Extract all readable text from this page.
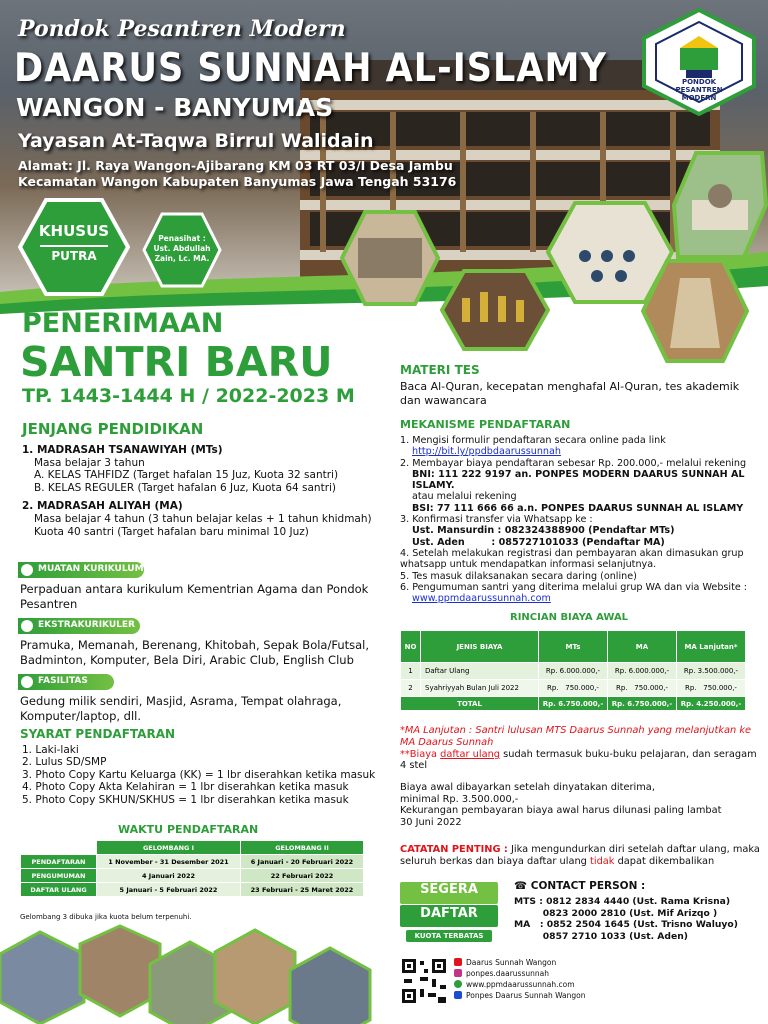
Pondok Pesantren Modern
DAARUS SUNNAH AL-ISLAMY
WANGON - BANYUMAS
Yayasan At-Taqwa Birrul Walidain
Alamat: Jl. Raya Wangon-Ajibarang KM 03 RT 03/I Desa Jambu
Kecamatan Wangon Kabupaten Banyumas Jawa Tengah 53176
PONDOK PESANTREN MODERN
KHUSUS
PUTRA
Penasihat :
Ust. Abdullah
Zain, Lc. MA.
PENERIMAAN
SANTRI BARU
TP. 1443-1444 H / 2022-2023 M
JENJANG PENDIDIKAN
1. MADRASAH TSANAWIYAH (MTs)
Masa belajar 3 tahun
A. KELAS TAHFIDZ (Target hafalan 15 Juz, Kuota 32 santri)
B. KELAS REGULER (Target hafalan 6 Juz, Kuota 64 santri)
2. MADRASAH ALIYAH (MA)
Masa belajar 4 tahun (3 tahun belajar kelas + 1 tahun khidmah)
Kuota 40 santri (Target hafalan baru minimal 10 Juz)
MUATAN KURIKULUM
Perpaduan antara kurikulum Kementrian Agama dan Pondok Pesantren
EKSTRAKURIKULER
Pramuka, Memanah, Berenang, Khitobah, Sepak Bola/Futsal, Badminton, Komputer, Bela Diri, Arabic Club, English Club
FASILITAS
Gedung milik sendiri, Masjid, Asrama, Tempat olahraga, Komputer/laptop, dll.
SYARAT PENDAFTARAN
1. Laki-laki
2. Lulus SD/SMP
3. Photo Copy Kartu Keluarga (KK) = 1 lbr diserahkan ketika masuk
4. Photo Copy Akta Kelahiran = 1 lbr diserahkan ketika masuk
5. Photo Copy SKHUN/SKHUS = 1 lbr diserahkan ketika masuk
WAKTU PENDAFTARAN
	GELOMBANG I	GELOMBANG II
PENDAFTARAN	1 November - 31 Desember 2021	6 Januari - 20 Februari 2022
PENGUMUMAN	4 Januari 2022	22 Februari 2022
DAFTAR ULANG	5 Januari - 5 Februari 2022	23 Februari - 25 Maret 2022
Gelombang 3 dibuka jika kuota belum terpenuhi.
MATERI TES
Baca Al-Quran, kecepatan menghafal Al-Quran, tes akademik dan wawancara
MEKANISME PENDAFTARAN
1. Mengisi formulir pendaftaran secara online pada link
http://bit.ly/ppdbdaarussunnah
2. Membayar biaya pendaftaran sebesar Rp. 200.000,- melalui rekening
BNI: 111 222 9197 an. PONPES MODERN DAARUS SUNNAH AL ISLAMY.
atau melalui rekening
BSI: 77 111 666 66 a.n. PONPES DAARUS SUNNAH AL ISLAMY
3. Konfirmasi transfer via Whatsapp ke :
Ust. Mansurdin : 082324388900 (Pendaftar MTs)
Ust. Aden        : 085727101033 (Pendaftar MA)
4. Setelah melakukan registrasi dan pembayaran akan dimasukan grup whatsapp untuk mendapatkan informasi selanjutnya.
5. Tes masuk dilaksanakan secara daring (online)
6. Pengumuman santri yang diterima melalui grup WA dan via Website :
www.ppmdaarussunnah.com
RINCIAN BIAYA AWAL
NO	JENIS BIAYA	MTs	MA	MA Lanjutan*
1	Daftar Ulang	Rp. 6.000.000,-	Rp. 6.000.000,-	Rp. 3.500.000,-
2	Syahriyyah Bulan Juli 2022	Rp.   750.000,-	Rp.   750.000,-	Rp.   750.000,-
TOTAL		Rp. 6.750.000,-	Rp. 6.750.000,-	Rp. 4.250.000,-
*MA Lanjutan : Santri lulusan MTS Daarus Sunnah yang melanjutkan ke MA Daarus Sunnah
**Biaya daftar ulang sudah termasuk buku-buku pelajaran, dan seragam 4 stel
Biaya awal dibayarkan setelah dinyatakan diterima,
minimal Rp. 3.500.000,-
Kekurangan pembayaran biaya awal harus dilunasi paling lambat
30 Juni 2022
CATATAN PENTING : Jika mengundurkan diri setelah daftar ulang, maka seluruh berkas dan biaya daftar ulang tidak dapat dikembalikan
SEGERA
DAFTAR
KUOTA TERBATAS
☎ CONTACT PERSON :
MTS : 0812 2834 4440 (Ust. Rama Krisna)
0823 2000 2810 (Ust. Mif Arizqo )
MA   : 0852 2504 1645 (Ust. Trisno Waluyo)
0857 2710 1033 (Ust. Aden)
Daarus Sunnah Wangon
ponpes.daarussunnah
www.ppmdaarussunnah.com
Ponpes Daarus Sunnah Wangon
